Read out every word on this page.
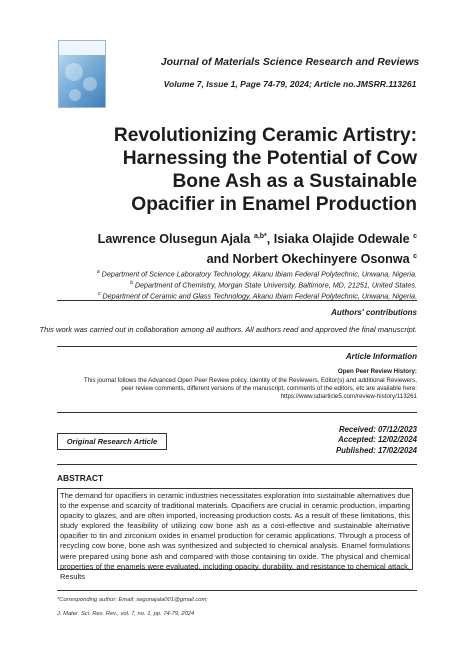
Journal of Materials Science Research and Reviews
Volume 7, Issue 1, Page 74-79, 2024; Article no.JMSRR.113261
Revolutionizing Ceramic Artistry:
Harnessing the Potential of Cow
Bone Ash as a Sustainable
Opacifier in Enamel Production
Lawrence Olusegun Ajala $^{a,b*}$, Isiaka Olajide Odewale $^c$
and Norbert Okechinyere Osonwa $^c$
$^a$ Department of Science Laboratory Technology, Akanu Ibiam Federal Polytechnic, Unwana, Nigeria.
$^b$ Department of Chemistry, Morgan State University, Baltimore, MD, 21251, United States.
$^c$ Department of Ceramic and Glass Technology, Akanu Ibiam Federal Polytechnic, Unwana, Nigeria.
Authors' contributions
This work was carried out in collaboration among all authors. All authors read and approved the final manuscript.
Article Information
Open Peer Review History:
This journal follows the Advanced Open Peer Review policy. Identity of the Reviewers, Editor(s) and additional Reviewers,
peer review comments, different versions of the manuscript, comments of the editors, etc are available here:
https://www.sdiarticle5.com/review-history/113261
Original Research Article
Received: 07/12/2023
Accepted: 12/02/2024
Published: 17/02/2024
ABSTRACT
The demand for opacifiers in ceramic industries necessitates exploration into sustainable alternatives due to the expense and scarcity of traditional materials. Opacifiers are crucial in ceramic production, imparting opacity to glazes, and are often imported, increasing production costs. As a result of these limitations, this study explored the feasibility of utilizing cow bone ash as a cost-effective and sustainable alternative opacifier to tin and zirconium oxides in enamel production for ceramic applications. Through a process of recycling cow bone, bone ash was synthesized and subjected to chemical analysis. Enamel formulations were prepared using bone ash and compared with those containing tin oxide. The physical and chemical properties of the enamels were evaluated, including opacity, durability, and resistance to chemical attack. Results
*Corresponding author: Email: segunajala001@gmail.com;
J. Mater. Sci. Res. Rev., vol. 7, no. 1, pp. 74-79, 2024
